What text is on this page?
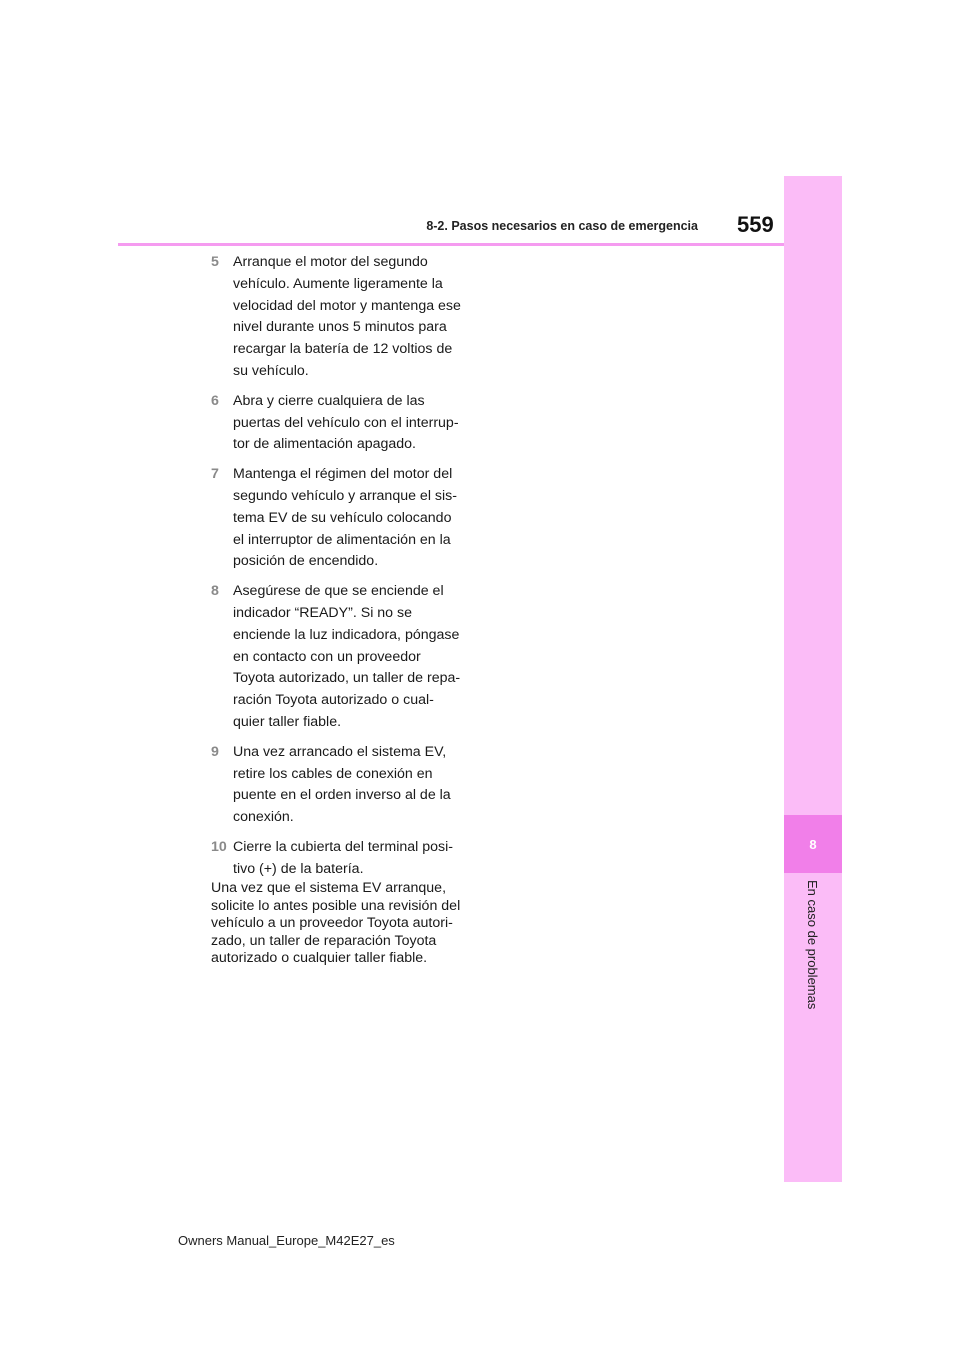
8
En caso de problemas
8-2. Pasos necesarios en caso de emergencia 559
5 Arranque el motor del segundo
vehículo. Aumente ligeramente la
velocidad del motor y mantenga ese
nivel durante unos 5 minutos para
recargar la batería de 12 voltios de
su vehículo.
6 Abra y cierre cualquiera de las
puertas del vehículo con el interrup-
tor de alimentación apagado.
7 Mantenga el régimen del motor del
segundo vehículo y arranque el sis-
tema EV de su vehículo colocando
el interruptor de alimentación en la
posición de encendido.
8 Asegúrese de que se enciende el
indicador “READY”. Si no se
enciende la luz indicadora, póngase
en contacto con un proveedor
Toyota autorizado, un taller de repa-
ración Toyota autorizado o cual-
quier taller fiable.
9 Una vez arrancado el sistema EV,
retire los cables de conexión en
puente en el orden inverso al de la
conexión.
10 Cierre la cubierta del terminal posi-
tivo (+) de la batería.

Una vez que el sistema EV arranque,
solicite lo antes posible una revisión del
vehículo a un proveedor Toyota autori-
zado, un taller de reparación Toyota
autorizado o cualquier taller fiable.

Owners Manual_Europe_M42E27_es
